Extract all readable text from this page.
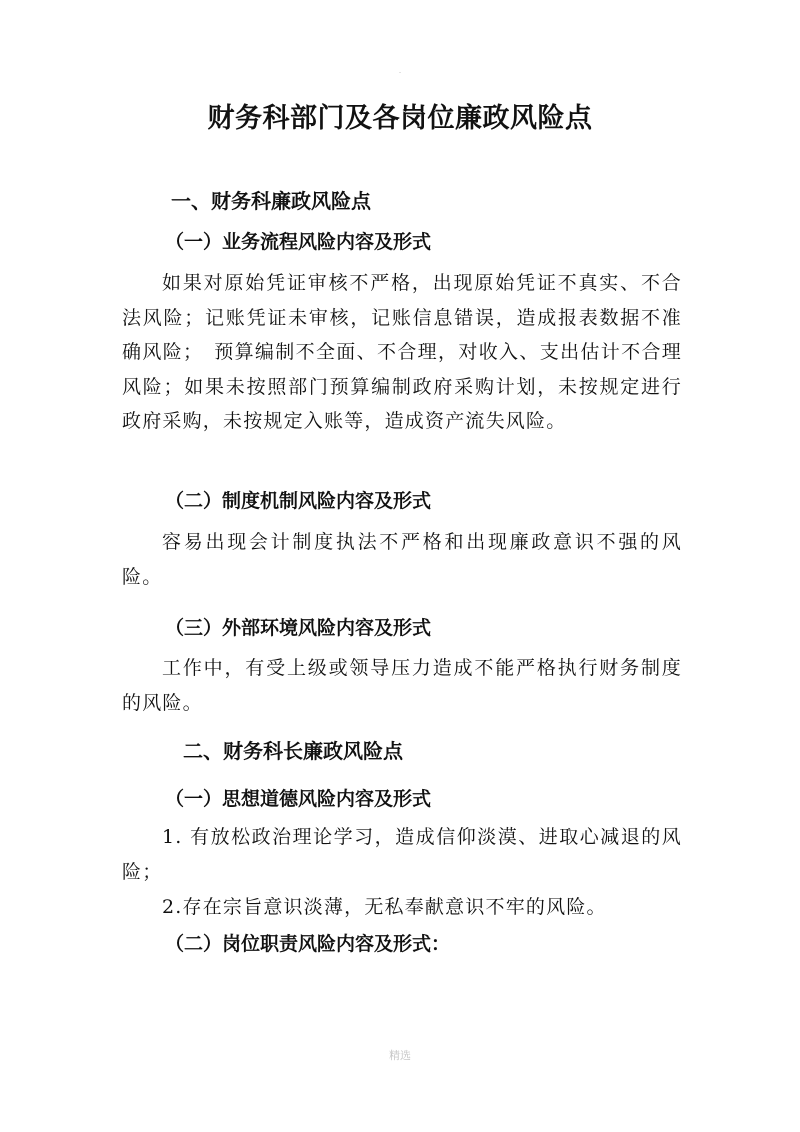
.
财务科部门及各岗位廉政风险点
一、财务科廉政风险点
（一）业务流程风险内容及形式

如果对原始凭证审核不严格，出现原始凭证不真实、不合法风险；记账凭证未审核，记账信息错误，造成报表数据不准确风险；　预算编制不全面、不合理，对收入、支出估计不合理风险；如果未按照部门预算编制政府采购计划，未按规定进行政府采购，未按规定入账等，造成资产流失风险。

（二）制度机制风险内容及形式

容易出现会计制度执法不严格和出现廉政意识不强的风险。

（三）外部环境风险内容及形式

工作中，有受上级或领导压力造成不能严格执行财务制度的风险。

二、财务科长廉政风险点
（一）思想道德风险内容及形式

1. 有放松政治理论学习，造成信仰淡漠、进取心减退的风险；

2.存在宗旨意识淡薄，无私奉献意识不牢的风险。

（二）岗位职责风险内容及形式：
精选
